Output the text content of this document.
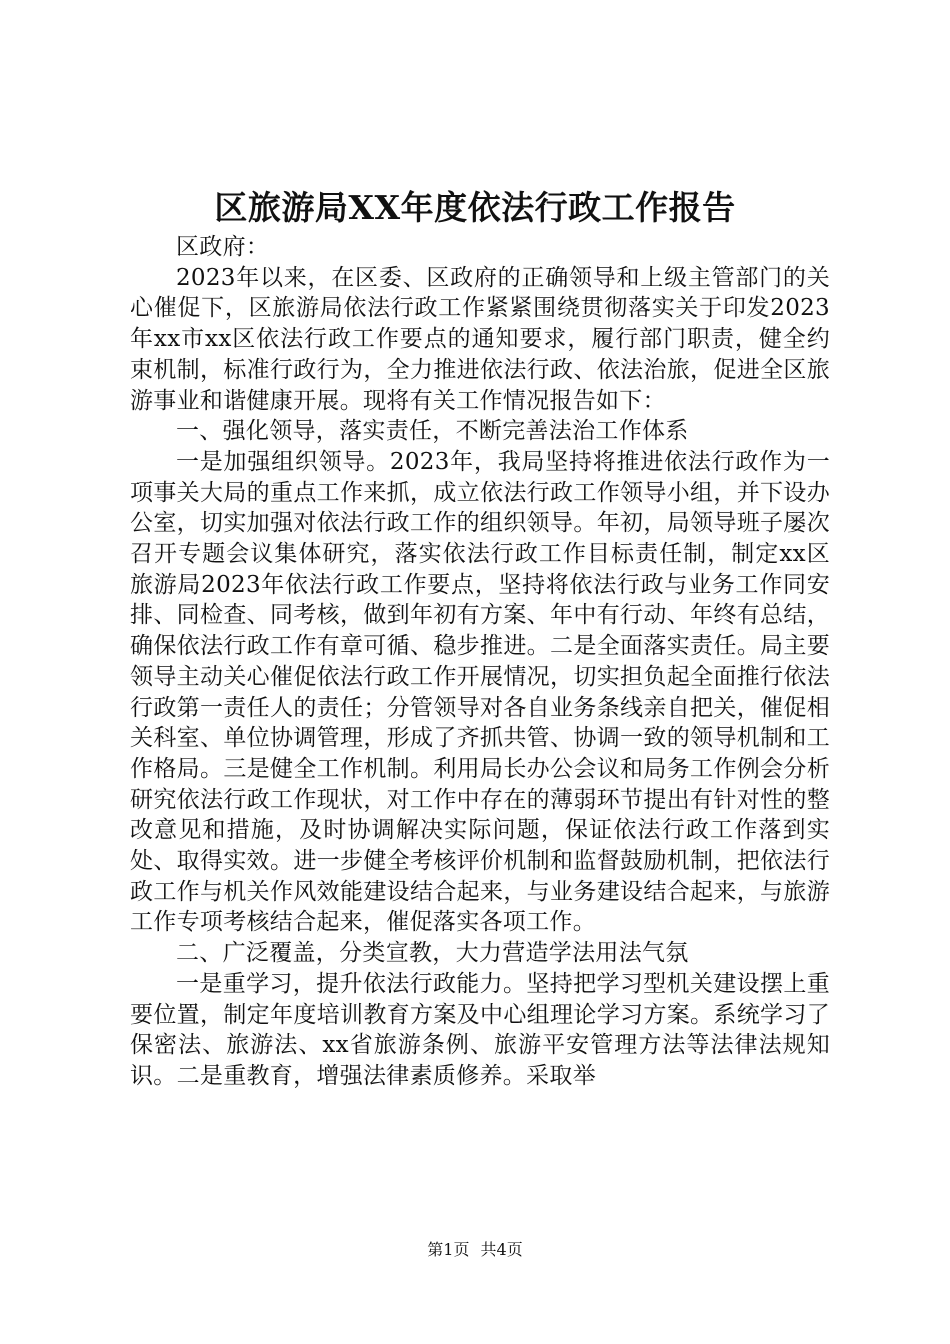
区旅游局XX年度依法行政工作报告

区政府：

2023年以来，在区委、区政府的正确领导和上级主管部门的关心催促下，区旅游局依法行政工作紧紧围绕贯彻落实关于印发2023年xx市xx区依法行政工作要点的通知要求，履行部门职责，健全约束机制，标准行政行为，全力推进依法行政、依法治旅，促进全区旅游事业和谐健康开展。现将有关工作情况报告如下：

一、强化领导，落实责任，不断完善法治工作体系

一是加强组织领导。2023年，我局坚持将推进依法行政作为一项事关大局的重点工作来抓，成立依法行政工作领导小组，并下设办公室，切实加强对依法行政工作的组织领导。年初，局领导班子屡次召开专题会议集体研究，落实依法行政工作目标责任制，制定xx区旅游局2023年依法行政工作要点，坚持将依法行政与业务工作同安排、同检查、同考核，做到年初有方案、年中有行动、年终有总结，确保依法行政工作有章可循、稳步推进。二是全面落实责任。局主要领导主动关心催促依法行政工作开展情况，切实担负起全面推行依法行政第一责任人的责任；分管领导对各自业务条线亲自把关，催促相关科室、单位协调管理，形成了齐抓共管、协调一致的领导机制和工作格局。三是健全工作机制。利用局长办公会议和局务工作例会分析研究依法行政工作现状，对工作中存在的薄弱环节提出有针对性的整改意见和措施，及时协调解决实际问题，保证依法行政工作落到实处、取得实效。进一步健全考核评价机制和监督鼓励机制，把依法行政工作与机关作风效能建设结合起来，与业务建设结合起来，与旅游工作专项考核结合起来，催促落实各项工作。

二、广泛覆盖，分类宣教，大力营造学法用法气氛

一是重学习，提升依法行政能力。坚持把学习型机关建设摆上重要位置，制定年度培训教育方案及中心组理论学习方案。系统学习了保密法、旅游法、xx省旅游条例、旅游平安管理方法等法律法规知识。二是重教育，增强法律素质修养。采取举

第1页 共4页
